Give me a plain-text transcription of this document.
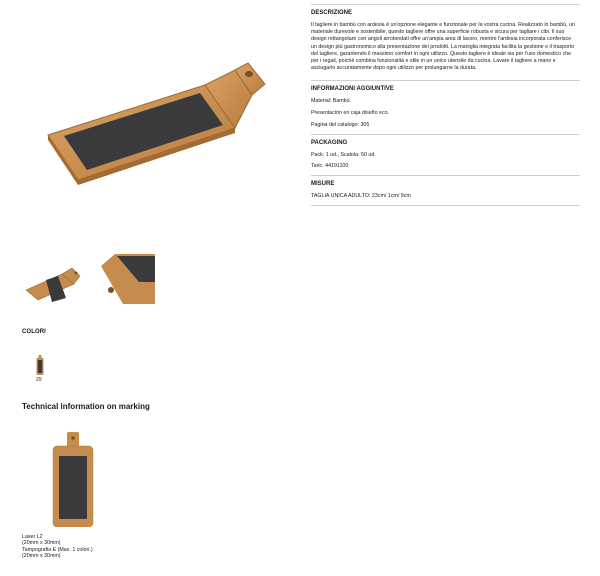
COLORI
29
Technical information on marking
Laser L2
(20mm x 30mm)
Tampografia E (Max. 1 colori.)
(20mm x 30mm)
DESCRIZIONE
Il tagliere in bambù con ardesia è un'opzione elegante e funzionale per la vostra cucina. Realizzato in bambù, un materiale durevole e sostenibile, questo tagliere offre una superficie robusta e sicura per tagliare i cibi. Il suo design rettangolare con angoli arrotondati offre un'ampia area di lavoro, mentre l'ardesia incorporata conferisce un design più gastronomico alla presentazione dei prodotti. La maniglia integrata facilita la gestione e il trasporto del tagliere, garantendo il massimo comfort in ogni utilizzo. Questo tagliere è ideale sia per l'uso domestico che per i regali, poiché combina funzionalità e stile in un unico utensile da cucina. Lavare il tagliere a mano e asciugarlo accuratamente dopo ogni utilizzo per prolungarne la durata.
INFORMAZIONI AGGIUNTIVE
Material: Bambú.
Presentación en caja diseño eco.
Pagina del catalogo: 305
PACKAGING
Pack: 1 ud., Scatola: 50 ud.
Taric: 44191100
MISURE
TAGLIA UNICA ADULTO: 23cm/ 1cm/ 9cm
